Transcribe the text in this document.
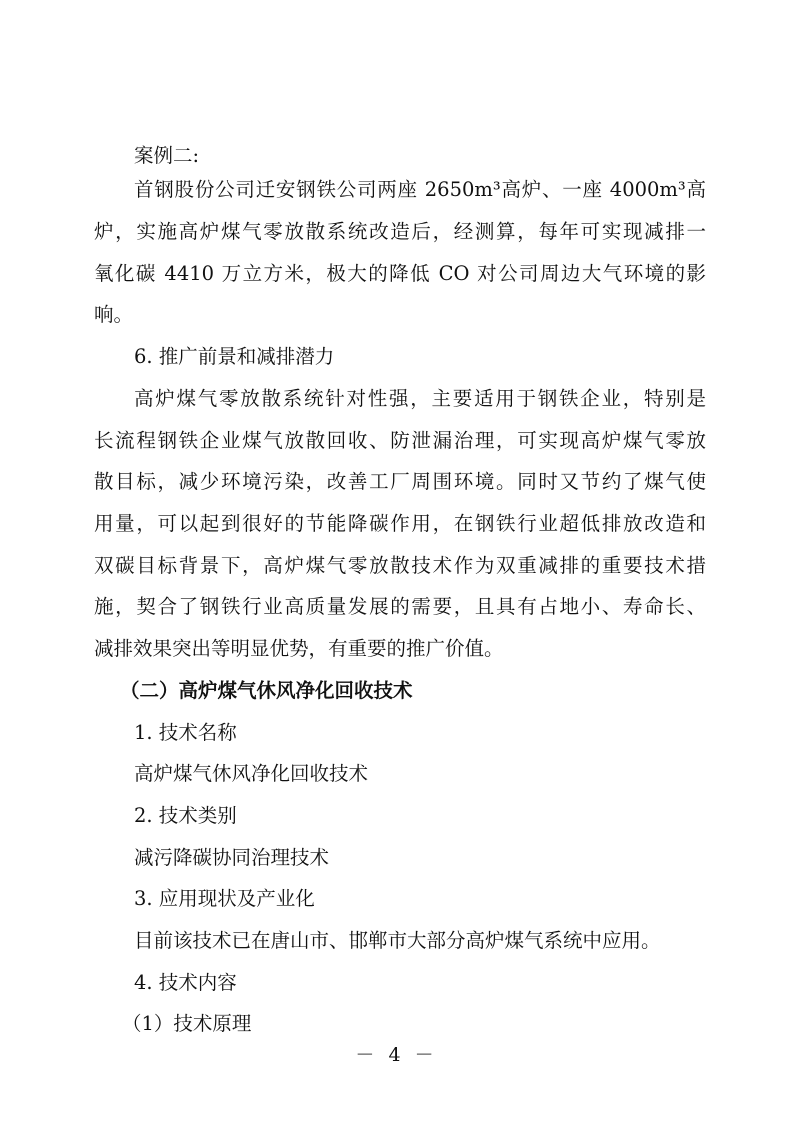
案例二:

首钢股份公司迁安钢铁公司两座 2650m³高炉、一座 4000m³高

炉，实施高炉煤气零放散系统改造后，经测算，每年可实现减排一

氧化碳 4410 万立方米，极大的降低 CO 对公司周边大气环境的影

响。

6. 推广前景和减排潜力

高炉煤气零放散系统针对性强，主要适用于钢铁企业，特别是

长流程钢铁企业煤气放散回收、防泄漏治理，可实现高炉煤气零放

散目标，减少环境污染，改善工厂周围环境。同时又节约了煤气使

用量，可以起到很好的节能降碳作用，在钢铁行业超低排放改造和

双碳目标背景下，高炉煤气零放散技术作为双重减排的重要技术措

施，契合了钢铁行业高质量发展的需要，且具有占地小、寿命长、

减排效果突出等明显优势，有重要的推广价值。

（二）高炉煤气休风净化回收技术

1. 技术名称

高炉煤气休风净化回收技术

2. 技术类别

减污降碳协同治理技术

3. 应用现状及产业化

目前该技术已在唐山市、邯郸市大部分高炉煤气系统中应用。

4. 技术内容

（1）技术原理

－ 4 －
